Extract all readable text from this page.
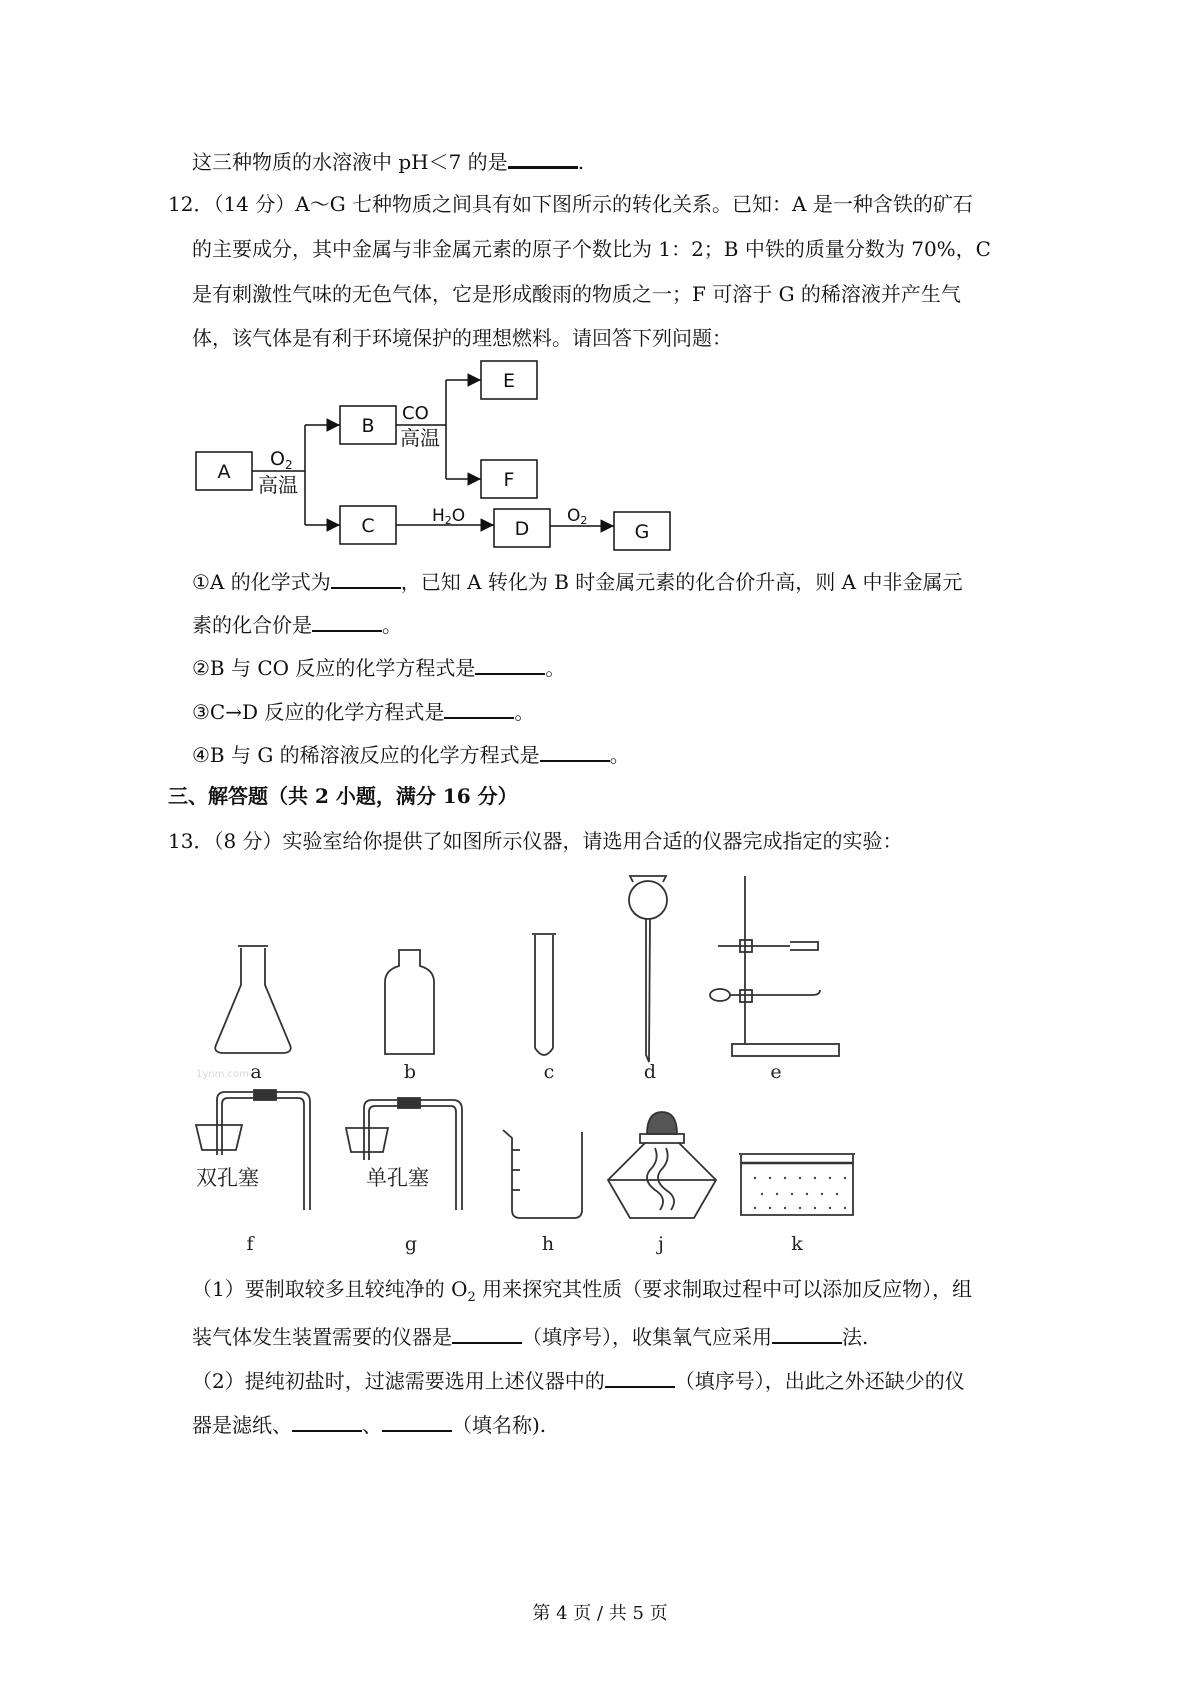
这三种物质的水溶液中 pH＜7 的是	.
12．（14 分）A～G 七种物质之间具有如下图所示的转化关系。已知：A 是一种含铁的矿石
的主要成分，其中金属与非金属元素的原子个数比为 1：2；B 中铁的质量分数为 70%，C
是有刺激性气味的无色气体，它是形成酸雨的物质之一；F 可溶于 G 的稀溶液并产生气
体，该气体是有利于环境保护的理想燃料。请回答下列问题：
A
B
C
E
F
D	G
$O_2$
高温
CO
高温
H2O	O2
①A 的化学式为	，已知 A 转化为 B 时金属元素的化合价升高，则 A 中非金属元
素的化合价是	。
②B 与 CO 反应的化学方程式是	。
③C→D 反应的化学方程式是	。
④B 与 G 的稀溶液反应的化学方程式是	。
三、解答题（共 2 小题，满分 16 分）
13．（8 分）实验室给你提供了如图所示仪器，请选用合适的仪器完成指定的实验：
a	b	c	d	e
f	g	h	j	k
双孔塞	单孔塞
1ynm.com
（1）要制取较多且较纯净的 $O_2$ 用来探究其性质（要求制取过程中可以添加反应物），组
装气体发生装置需要的仪器是	（填序号），收集氧气应采用	法.
（2）提纯初盐时，过滤需要选用上述仪器中的	（填序号），出此之外还缺少的仪
器是滤纸、	、	（填名称).
第 4 页 / 共 5 页
